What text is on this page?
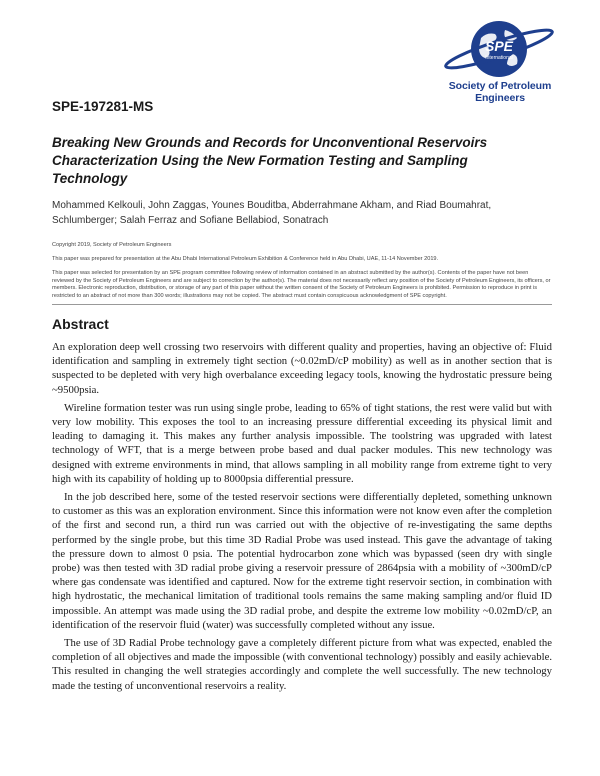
SPE
International
Society of Petroleum Engineers
SPE-197281-MS
Breaking New Grounds and Records for Unconventional Reservoirs Characterization Using the New Formation Testing and Sampling Technology
Mohammed Kelkouli, John Zaggas, Younes Bouditba, Abderrahmane Akham, and Riad Boumahrat, Schlumberger; Salah Ferraz and Sofiane Bellabiod, Sonatrach
Copyright 2019, Society of Petroleum Engineers
This paper was prepared for presentation at the Abu Dhabi International Petroleum Exhibition & Conference held in Abu Dhabi, UAE, 11-14 November 2019.
This paper was selected for presentation by an SPE program committee following review of information contained in an abstract submitted by the author(s). Contents of the paper have not been reviewed by the Society of Petroleum Engineers and are subject to correction by the author(s). The material does not necessarily reflect any position of the Society of Petroleum Engineers, its officers, or members. Electronic reproduction, distribution, or storage of any part of this paper without the written consent of the Society of Petroleum Engineers is prohibited. Permission to reproduce in print is restricted to an abstract of not more than 300 words; illustrations may not be copied. The abstract must contain conspicuous acknowledgment of SPE copyright.
Abstract

An exploration deep well crossing two reservoirs with different quality and properties, having an objective of: Fluid identification and sampling in extremely tight section (~0.02mD/cP mobility) as well as in another section that is suspected to be depleted with very high overbalance exceeding legacy tools, knowing the hydrostatic pressure being ~9500psia.

Wireline formation tester was run using single probe, leading to 65% of tight stations, the rest were valid but with very low mobility. This exposes the tool to an increasing pressure differential exceeding its physical limit and leading to damaging it. This makes any further analysis impossible. The toolstring was upgraded with latest technology of WFT, that is a merge between probe based and dual packer modules. This new technology was designed with extreme environments in mind, that allows sampling in all mobility range from extreme tight to very high with its capability of holding up to 8000psia differential pressure.

In the job described here, some of the tested reservoir sections were differentially depleted, something unknown to customer as this was an exploration environment. Since this information were not know even after the completion of the first and second run, a third run was carried out with the objective of re-investigating the same depths performed by the single probe, but this time 3D Radial Probe was used instead. This gave the advantage of taking the pressure down to almost 0 psia. The potential hydrocarbon zone which was bypassed (seen dry with single probe) was then tested with 3D radial probe giving a reservoir pressure of 2864psia with a mobility of ~300mD/cP where gas condensate was identified and captured. Now for the extreme tight reservoir section, in combination with high hydrostatic, the mechanical limitation of traditional tools remains the same making sampling and/or fluid ID impossible. An attempt was made using the 3D radial probe, and despite the extreme low mobility ~0.02mD/cP, an identification of the reservoir fluid (water) was successfully completed without any issue.

The use of 3D Radial Probe technology gave a completely different picture from what was expected, enabled the completion of all objectives and made the impossible (with conventional technology) possibly and easily achievable. This resulted in changing the well strategies accordingly and complete the well successfully. The new technology made the testing of unconventional reservoirs a reality.
